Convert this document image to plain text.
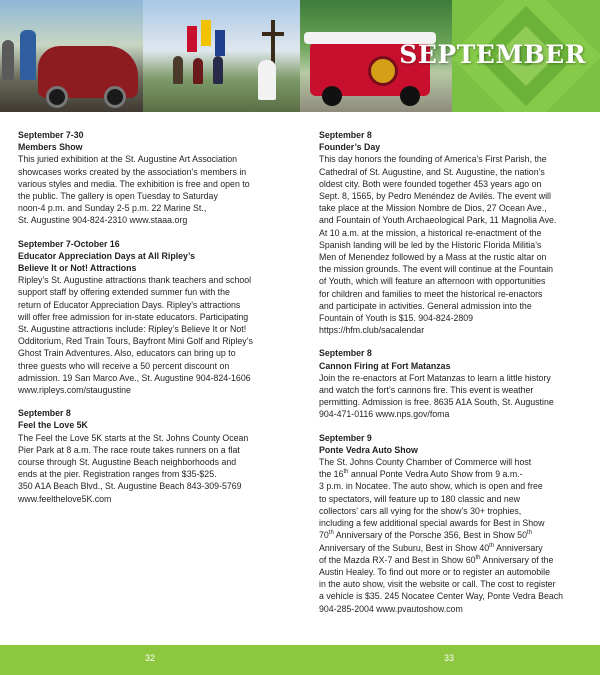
SEPTEMBER
September 7-30
Members Show
This juried exhibition at the St. Augustine Art Association
showcases works created by the association’s members in
various styles and media. The exhibition is free and open to
the public. The gallery is open Tuesday to Saturday
noon-4 p.m. and Sunday 2-5 p.m. 22 Marine St.,
St. Augustine 904-824-2310 www.staaa.org
September 7-October 16
Educator Appreciation Days at All Ripley’s
Believe It or Not! Attractions
Ripley’s St. Augustine attractions thank teachers and school
support staff by offering extended summer fun with the
return of Educator Appreciation Days. Ripley’s attractions
will offer free admission for in-state educators. Participating
St. Augustine attractions include: Ripley’s Believe It or Not!
Odditorium, Red Train Tours, Bayfront Mini Golf and Ripley’s
Ghost Train Adventures. Also, educators can bring up to
three guests who will receive a 50 percent discount on
admission. 19 San Marco Ave., St. Augustine 904-824-1606
www.ripleys.com/staugustine
September 8
Feel the Love 5K
The Feel the Love 5K starts at the St. Johns County Ocean
Pier Park at 8 a.m. The race route takes runners on a flat
course through St. Augustine Beach neighborhoods and
ends at the pier. Registration ranges from $35-$25.
350 A1A Beach Blvd., St. Augustine Beach 843-309-5769
www.feelthelove5K.com
September 8
Founder’s Day
This day honors the founding of America’s First Parish, the
Cathedral of St. Augustine, and St. Augustine, the nation’s
oldest city. Both were founded together 453 years ago on
Sept. 8, 1565, by Pedro Menéndez de Avilés. The event will
take place at the Mission Nombre de Dios, 27 Ocean Ave.,
and Fountain of Youth Archaeological Park, 11 Magnolia Ave.
At 10 a.m. at the mission, a historical re-enactment of the
Spanish landing will be led by the Historic Florida Militia’s
Men of Menendez followed by a Mass at the rustic altar on
the mission grounds. The event will continue at the Fountain
of Youth, which will feature an afternoon with opportunities
for children and families to meet the historical re-enactors
and participate in activities. General admission into the
Fountain of Youth is $15. 904-824-2809
https://hfm.club/sacalendar
September 8
Cannon Firing at Fort Matanzas
Join the re-enactors at Fort Matanzas to learn a little history
and watch the fort’s cannons fire. This event is weather
permitting. Admission is free. 8635 A1A South, St. Augustine
904-471-0116 www.nps.gov/foma
September 9
Ponte Vedra Auto Show
The St. Johns County Chamber of Commerce will host
the 16th annual Ponte Vedra Auto Show from 9 a.m.-
3 p.m. in Nocatee. The auto show, which is open and free
to spectators, will feature up to 180 classic and new
collectors’ cars all vying for the show’s 30+ trophies,
including a few additional special awards for Best in Show
70th Anniversary of the Porsche 356, Best in Show 50th
Anniversary of the Suburu, Best in Show 40th Anniversary
of the Mazda RX-7 and Best in Show 60th Anniversary of the
Austin Healey. To find out more or to register an automobile
in the auto show, visit the website or call. The cost to register
a vehicle is $35. 245 Nocatee Center Way, Ponte Vedra Beach
904-285-2004 www.pvautoshow.com
32	33
